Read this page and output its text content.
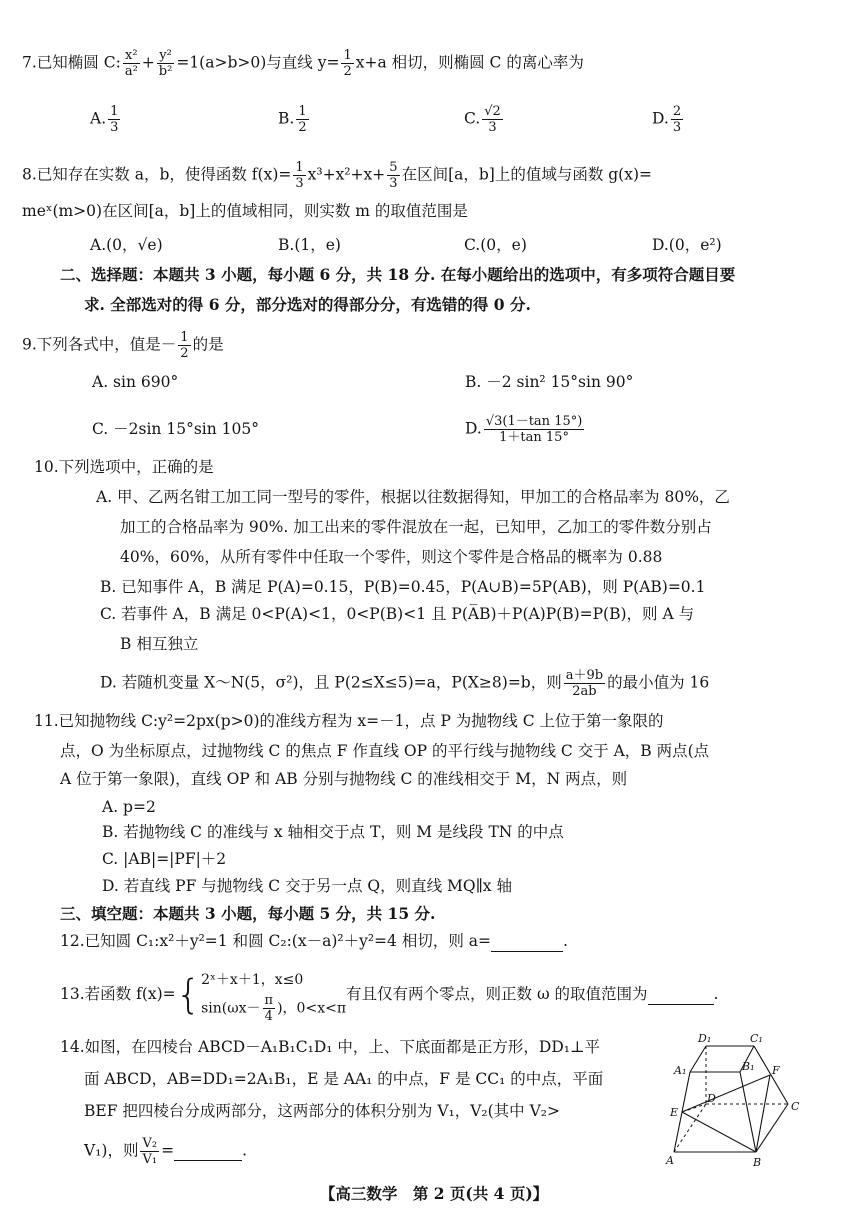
7.已知椭圆 C: $\frac{\text{x²}}{\text{a²}} + \frac{\text{y²}}{\text{b²}} =1(a>b>0)$与直线 $y= \frac{1}{2} x+a$ 相切，则椭圆 C 的离心率为
A. $\frac{1}{3}$	B. $\frac{1}{2}$	C. $\frac{√2}{3}$	D. $\frac{2}{3}$
8.已知存在实数 a，b，使得函数 $f(x)= \frac{1}{3} x^3+x^2+x+ \frac{5}{3}$ 在区间[a，b]上的值域与函数 g(x)=
meˣ(m>0)在区间[a，b]上的值域相同，则实数 m 的取值范围是
A.(0，√e)	B.(1，e)	C.(0，e)	D.(0，e²)
二、选择题：本题共 3 小题，每小题 6 分，共 18 分. 在每小题给出的选项中，有多项符合题目要
求. 全部选对的得 6 分，部分选对的得部分分，有选错的得 0 分.
9.下列各式中，值是－ $\frac{1}{2}$ 的是
A. sin 690°	B. －2 sin² 15°sin 90°
C. －2sin 15°sin 105°	D. $\frac{√3(1-\tan 15^\circ)}{1+\tan 15^\circ}$
10.下列选项中，正确的是
A. 甲、乙两名钳工加工同一型号的零件，根据以往数据得知，甲加工的合格品率为 80%，乙
加工的合格品率为 90%. 加工出来的零件混放在一起，已知甲，乙加工的零件数分别占
40%，60%，从所有零件中任取一个零件，则这个零件是合格品的概率为 0.88
B. 已知事件 A，B 满足 P(A)=0.15，P(B)=0.45，P(A∪B)=5P(AB)，则 P(AB)=0.1
C. 若事件 A，B 满足 0<P(A)<1，0<P(B)<1 且 P(A̅B)＋P(A)P(B)=P(B)，则 A 与
B 相互独立
D. 若随机变量 X～N(5，σ²)，且 P(2≤X≤5)=a，P(X≥8)=b，则 $\frac{a+9b}{2ab}$ 的最小值为 16
11.已知抛物线 C:y²=2px(p>0)的准线方程为 x=－1，点 P 为抛物线 C 上位于第一象限的
点，O 为坐标原点，过抛物线 C 的焦点 F 作直线 OP 的平行线与抛物线 C 交于 A，B 两点(点
A 位于第一象限)，直线 OP 和 AB 分别与抛物线 C 的准线相交于 M，N 两点，则
A. p=2
B. 若抛物线 C 的准线与 x 轴相交于点 T，则 M 是线段 TN 的中点
C. |AB|=|PF|＋2
D. 若直线 PF 与抛物线 C 交于另一点 Q，则直线 MQ∥x 轴
三、填空题：本题共 3 小题，每小题 5 分，共 15 分.
12.已知圆 C₁:x²＋y²=1 和圆 C₂:(x－a)²＋y²=4 相切，则 a=	.
13.若函数 f(x)={ 2ˣ＋x＋1，x≤0
$\sin(\omega x- \frac{\pi}{4}$ )，0<x<π
有且仅有两个零点，则正数 ω 的取值范围为	.
14.如图，在四棱台 ABCD－A₁B₁C₁D₁ 中，上、下底面都是正方形，DD₁⊥平
面 ABCD，AB=DD₁=2A₁B₁，E 是 AA₁ 的中点，F 是 CC₁ 的中点，平面
BEF 把四棱台分成两部分，这两部分的体积分别为 V₁，V₂(其中 V₂>
V₁)，则 $\frac{\text{V₂}}{\text{V₁}}$ =	.
D₁	C₁
A₁	B₁ F
E
D
C
A	B
【高三数学　第 2 页(共 4 页)】
